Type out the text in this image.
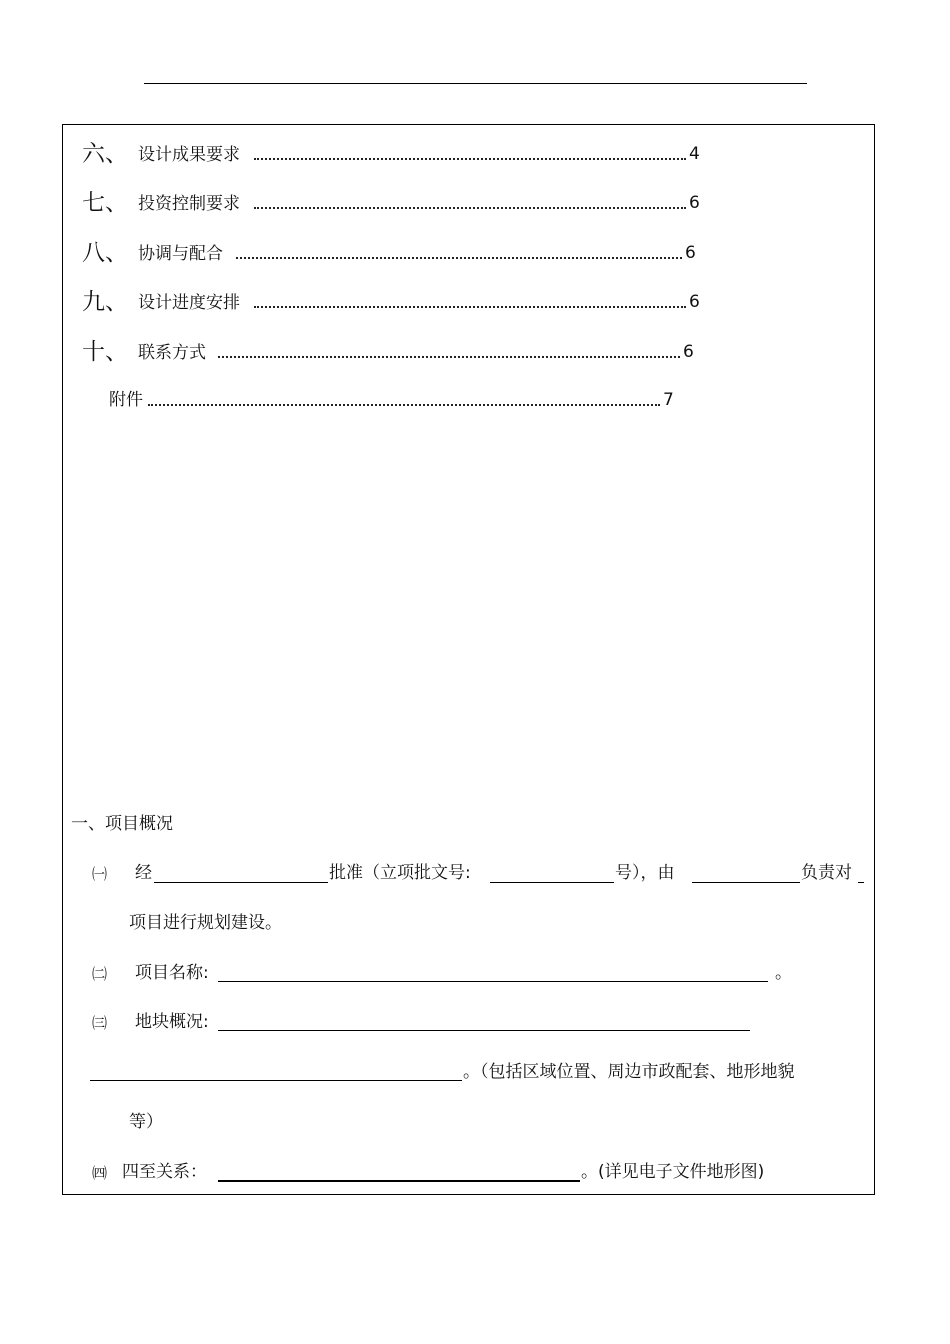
六、 设计成果要求	4
七、 投资控制要求	6
八、 协调与配合	6
九、 设计进度安排	6
十、 联系方式	6
附件	7
一、项目概况
㈠ 经	批准（立项批文号:	号），由	负责对
项目进行规划建设。
㈡ 项目名称:	。
㈢ 地块概况:
。（包括区域位置、周边市政配套、地形地貌
等）
㈣ 四至关系：	。(详见电子文件地形图)
